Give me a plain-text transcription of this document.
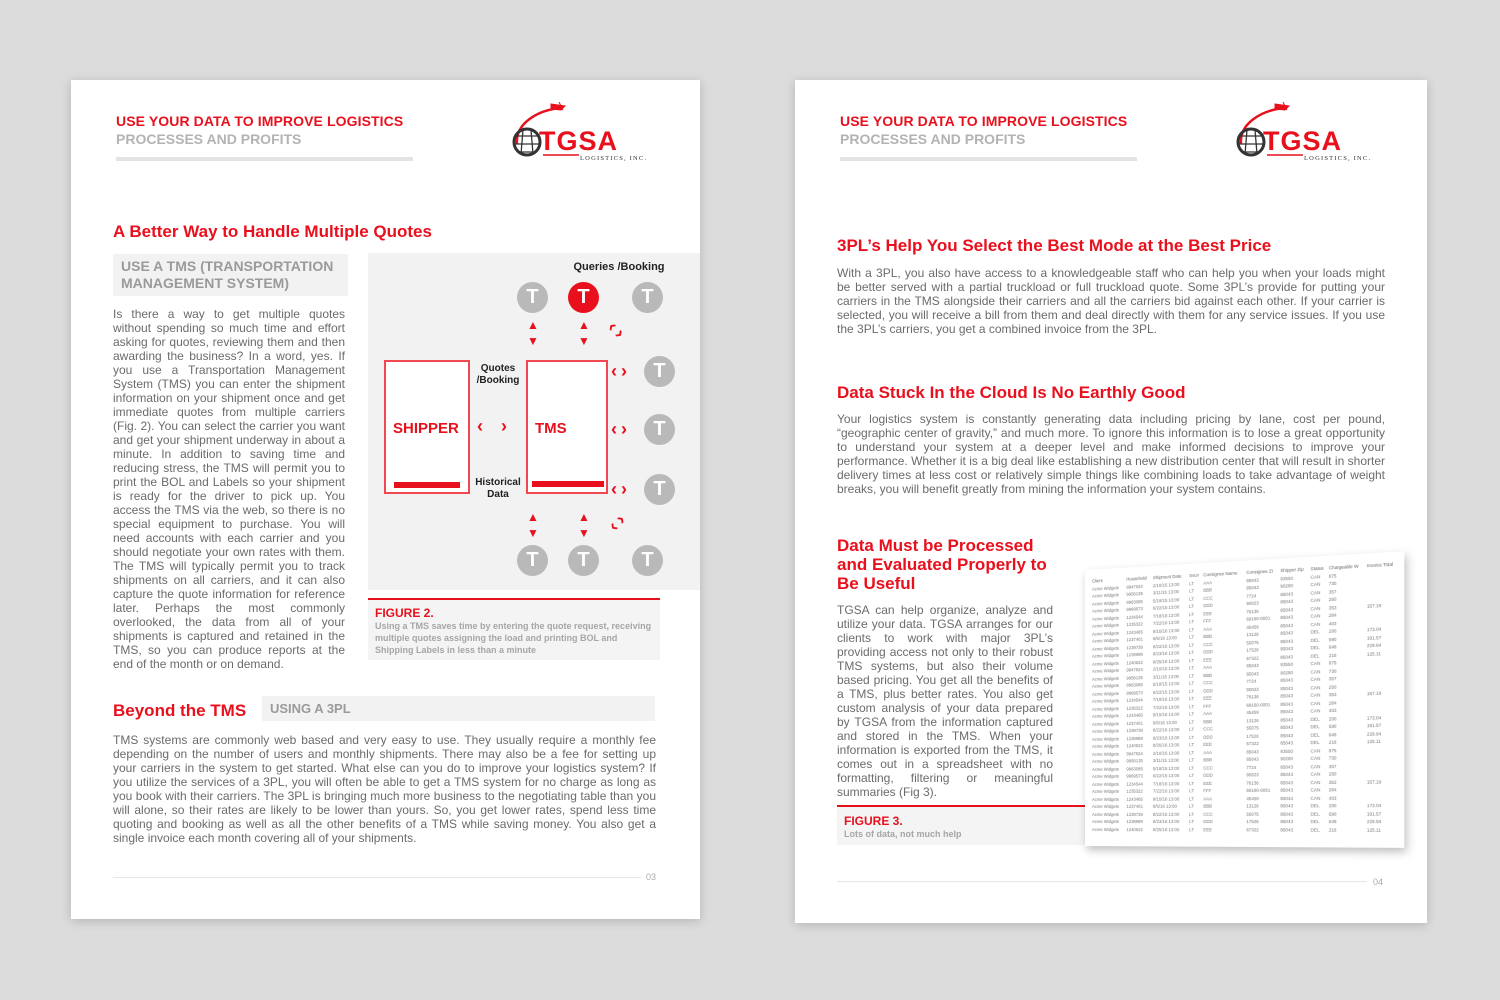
USE YOUR DATA TO IMPROVE LOGISTICS
PROCESSES AND PROFITS	TGSA
LOGISTICS, INC.
A Better Way to Handle Multiple Quotes
USE A TMS (TRANSPORTATION MANAGEMENT SYSTEM)
Is there a way to get multiple quotes without spending so much time and effort asking for quotes, reviewing them and then awarding the business? In a word, yes. If you use a Transportation Management System (TMS) you can enter the shipment information on your shipment once and get immediate quotes from multiple carriers (Fig. 2). You can select the carrier you want and get your shipment underway in about a minute. In addition to saving time and reducing stress, the TMS will permit you to print the BOL and Labels so your shipment is ready for the driver to pick up. You access the TMS via the web, so there is no special equipment to purchase. You will need accounts with each carrier and you should negotiate your own rates with them. The TMS will typically permit you to track shipments on all carriers, and it can also capture the quote information for reference later. Perhaps the most commonly overlooked, the data from all of your shipments is captured and retained in the TMS, so you can produce reports at the end of the month or on demand.
Queries /Booking
T	T	T
T
T
T
T	T	T
▲
▼
▲
▼ ‹›
▲
▼
▲
▼ ‹›
‹›
‹›
‹›
SHIPPER	TMS
Quotes /Booking
‹›
Historical Data
FIGURE 2.
Using a TMS saves time by entering the quote request, receiving multiple quotes assigning the load and printing BOL and Shipping Labels in less than a minute
Beyond the TMS	USING A 3PL
TMS systems are commonly web based and very easy to use. They usually require a monthly fee depending on the number of users and monthly shipments. There may also be a fee for setting up your carriers in the system to get started. What else can you do to improve your logistics system? If you utilize the services of a 3PL, you will often be able to get a TMS system for no charge as long as you book with their carriers. The 3PL is bringing much more business to the negotiating table than you will alone, so their rates are likely to be lower than yours. So, you get lower rates, spend less time quoting and booking as well as all the other benefits of a TMS while saving money. You also get a single invoice each month covering all of your shipments.
03
USE YOUR DATA TO IMPROVE LOGISTICS
PROCESSES AND PROFITS	TGSA
LOGISTICS, INC.
3PL’s Help You Select the Best Mode at the Best Price
With a 3PL, you also have access to a knowledgeable staff who can help you when your loads might be better served with a partial truckload or full truckload quote. Some 3PL’s provide for putting your carriers in the TMS alongside their carriers and all the carriers bid against each other. If your carrier is selected, you will receive a bill from them and deal directly with them for any service issues. If you use the 3PL’s carriers, you get a combined invoice from the 3PL.
Data Stuck In the Cloud Is No Earthly Good
Your logistics system is constantly generating data including pricing by lane, cost per pound, “geographic center of gravity,” and much more. To ignore this information is to lose a great opportunity to understand your system at a deeper level and make informed decisions to improve your performance. Whether it is a big deal like establishing a new distribution center that will result in shorter delivery times at less cost or relatively simple things like combining loads to take advantage of weight breaks, you will benefit greatly from mining the information your system contains.
Data Must be Processed and Evaluated Properly to Be Useful
TGSA can help organize, analyze and utilize your data. TGSA arranges for our clients to work with major 3PL’s providing access not only to their robust TMS systems, but also their volume based pricing. You get all the benefits of a TMS, plus better rates. You also get custom analysis of your data prepared by TGSA from the information captured and stored in the TMS. When your information is exported from the TMS, it comes out in a spreadsheet with no formatting, filtering or meaningful summaries (Fig 3).
FIGURE 3.
Lots of data, not much help
Client	Household	Shipment Date	SvUr	Consignee Name	Consignee Zi	Shipper Zip	Status	Chargeable W	Invoice Total
Acme Widgets	9947924	2/10/15 13:00	LT	AAA	85043	93550	CAN	875	
Acme Widgets	9956135	3/11/15 13:00	LT	BBB	85043	90280	CAN	730	
Acme Widgets	9963085	5/18/15 13:00	LT	CCC	7724	85043	CAN	357	
Acme Widgets	9969573	6/22/15 13:00	LT	DDD	90023	85043	CAN	250	
Acme Widgets	1234544	7/18/16 13:00	LT	EEE	76136	85043	CAN	353	157.19
Acme Widgets	1235322	7/22/16 13:00	LT	FFF	69160-0001	85043	CAN	284	
Acme Widgets	1243465	9/15/16 13:00	LT	AAA	45459	85043	CAN	403	
Acme Widgets	1237401	8/5/16 13:00	LT	BBB	13126	85043	DEL	200	173.04
Acme Widgets	1239739	8/22/16 13:00	LT	CCC	55075	85043	DEL	590	191.57
Acme Widgets	1239999	8/23/16 13:00	LT	DDD	17526	85043	DEL	648	229.94
Acme Widgets	1240622	8/25/16 13:00	LT	EEE	67322	85043	DEL	216	125.11
Acme Widgets	9947924	2/10/15 13:00	LT	AAA	85043	93550	CAN	875	
Acme Widgets	9956135	3/11/15 13:00	LT	BBB	85043	90280	CAN	730	
Acme Widgets	9963085	5/18/15 13:00	LT	CCC	7724	85043	CAN	357	
Acme Widgets	9969573	6/22/15 13:00	LT	DDD	90023	85043	CAN	250	
Acme Widgets	1234544	7/18/16 13:00	LT	EEE	76136	85043	CAN	353	157.19
Acme Widgets	1235322	7/22/16 13:00	LT	FFF	69160-0001	85043	CAN	284	
Acme Widgets	1243465	9/15/16 13:00	LT	AAA	45459	85043	CAN	403	
Acme Widgets	1237401	8/5/16 13:00	LT	BBB	13126	85043	DEL	200	173.04
Acme Widgets	1239739	8/22/16 13:00	LT	CCC	55075	85043	DEL	590	191.57
Acme Widgets	1239999	8/23/16 13:00	LT	DDD	17526	85043	DEL	648	229.94
Acme Widgets	1240622	8/25/16 13:00	LT	EEE	67322	85043	DEL	216	125.11
Acme Widgets	9947924	2/10/15 13:00	LT	AAA	85043	93550	CAN	875	
Acme Widgets	9956135	3/11/15 13:00	LT	BBB	85043	90280	CAN	730	
Acme Widgets	9963085	5/18/15 13:00	LT	CCC	7724	85043	CAN	357	
Acme Widgets	9969573	6/22/15 13:00	LT	DDD	90023	85043	CAN	250	
Acme Widgets	1234544	7/18/16 13:00	LT	EEE	76136	85043	CAN	353	157.19
Acme Widgets	1235322	7/22/16 13:00	LT	FFF	69160-0001	85043	CAN	284	
Acme Widgets	1243465	9/15/16 13:00	LT	AAA	45459	85043	CAN	403	
Acme Widgets	1237401	8/5/16 13:00	LT	BBB	13126	85043	DEL	200	173.04
Acme Widgets	1239739	8/22/16 13:00	LT	CCC	55075	85043	DEL	590	191.57
Acme Widgets	1239999	8/23/16 13:00	LT	DDD	17526	85043	DEL	648	229.94
Acme Widgets	1240622	8/25/16 13:00	LT	EEE	67322	85043	DEL	216	125.11
04
